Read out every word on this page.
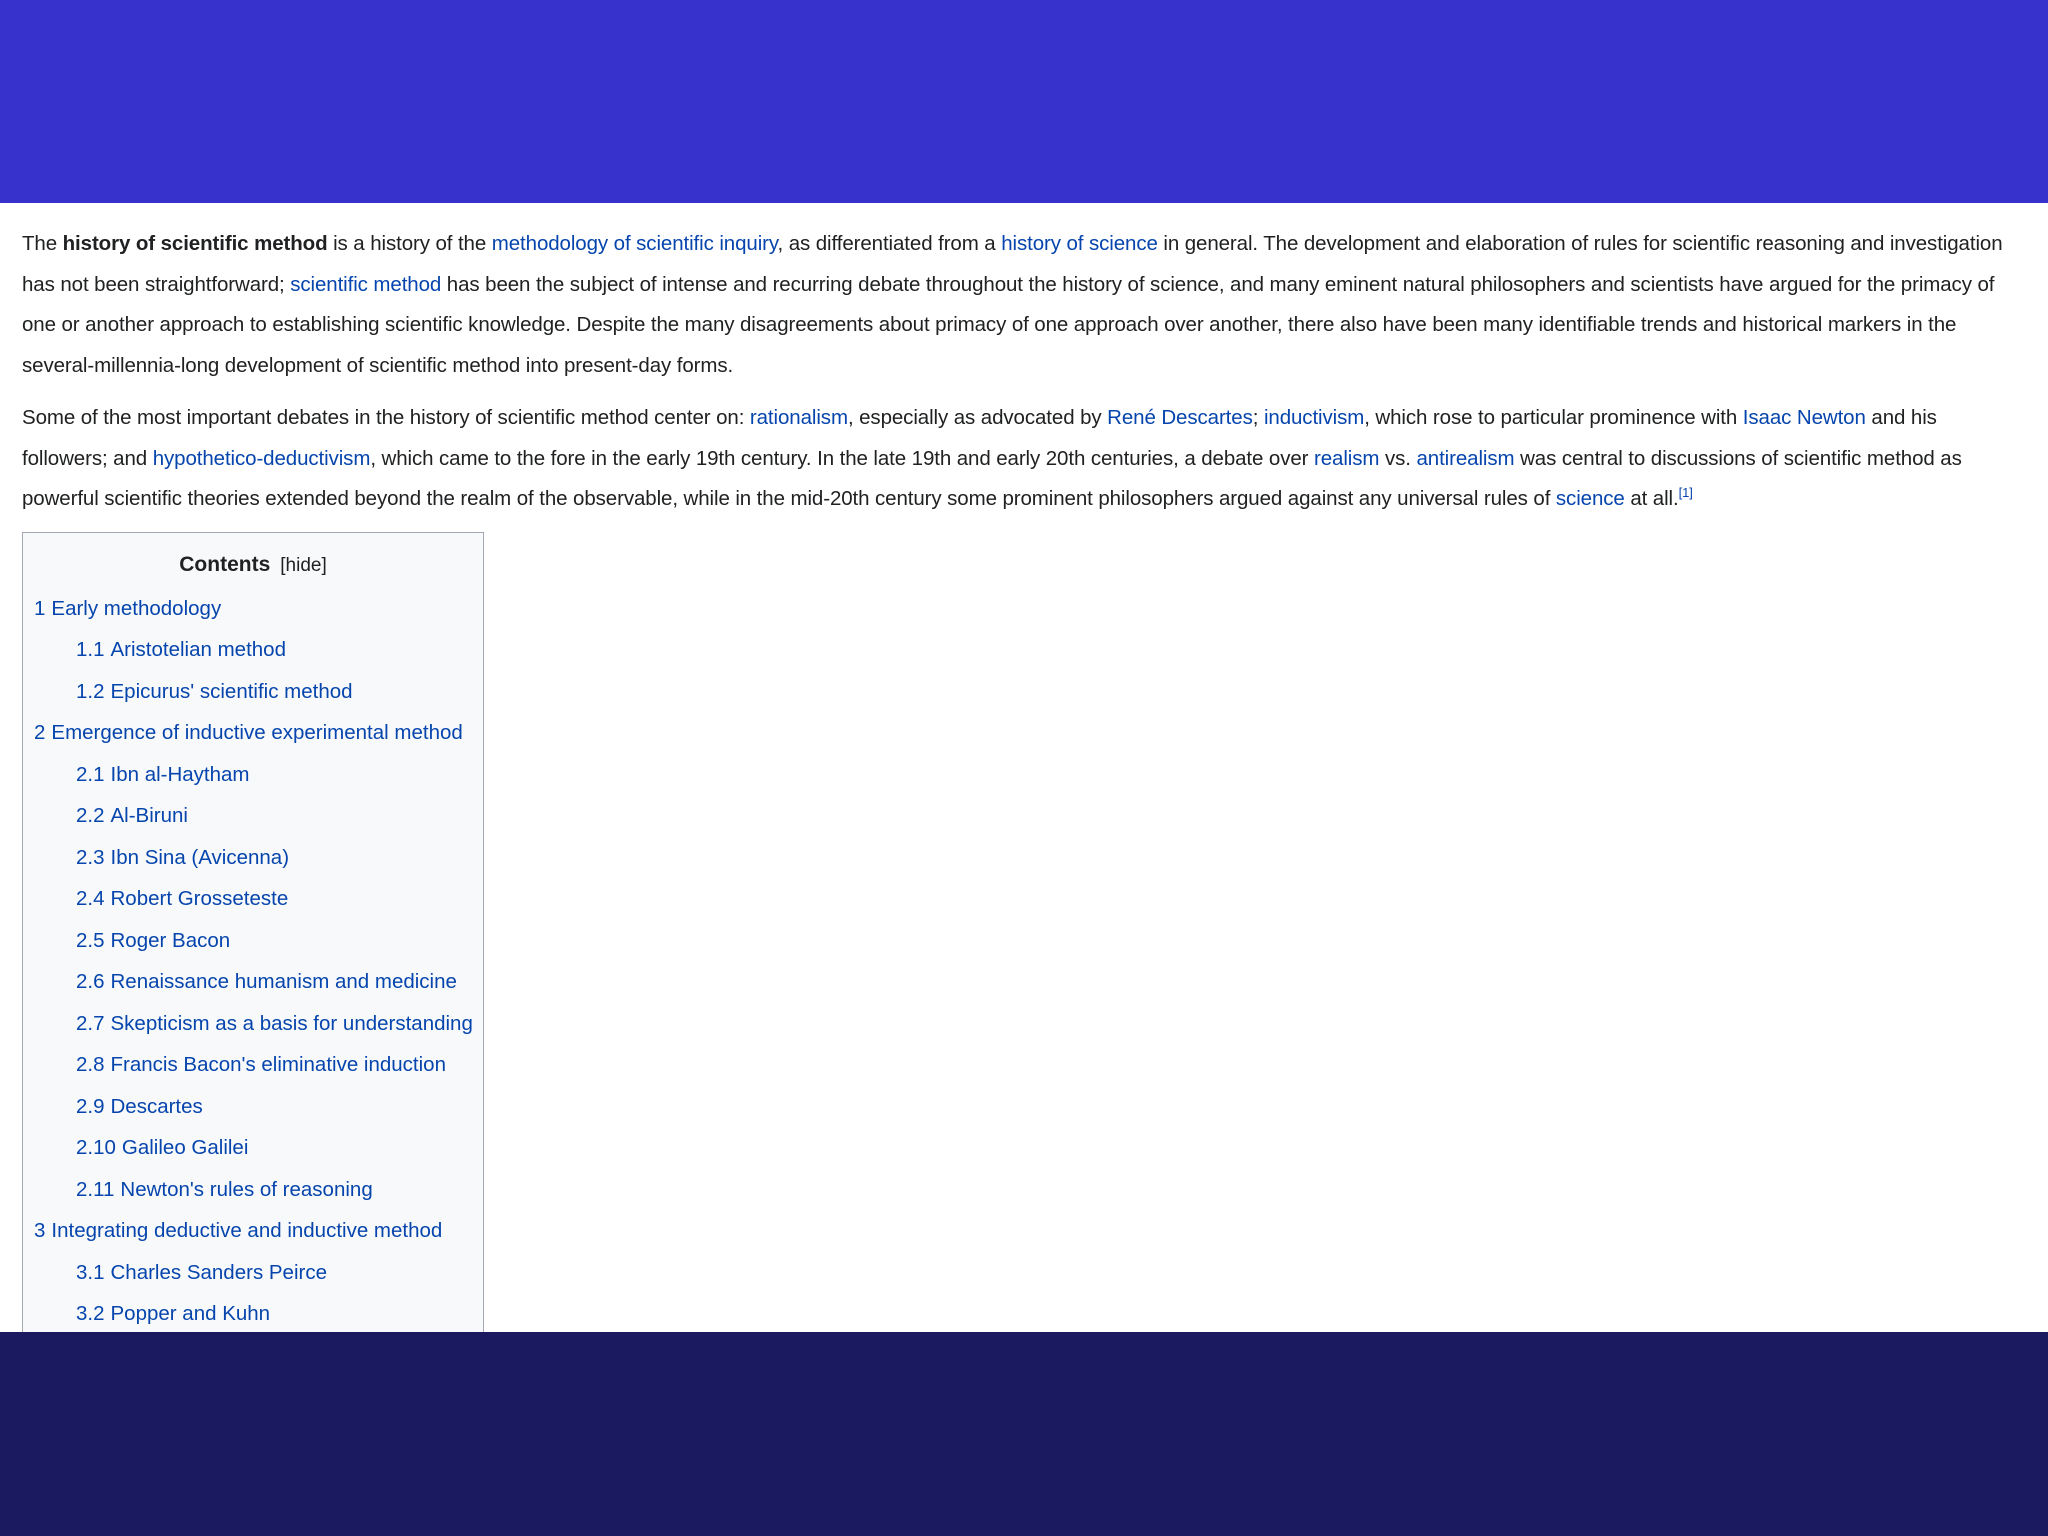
The history of scientific method is a history of the methodology of scientific inquiry, as differentiated from a history of science in general. The development and elaboration of rules for scientific reasoning and investigation has not been straightforward; scientific method has been the subject of intense and recurring debate throughout the history of science, and many eminent natural philosophers and scientists have argued for the primacy of one or another approach to establishing scientific knowledge. Despite the many disagreements about primacy of one approach over another, there also have been many identifiable trends and historical markers in the several-millennia-long development of scientific method into present-day forms.

Some of the most important debates in the history of scientific method center on: rationalism, especially as advocated by René Descartes; inductivism, which rose to particular prominence with Isaac Newton and his followers; and hypothetico-deductivism, which came to the fore in the early 19th century. In the late 19th and early 20th centuries, a debate over realism vs. antirealism was central to discussions of scientific method as powerful scientific theories extended beyond the realm of the observable, while in the mid-20th century some prominent philosophers argued against any universal rules of science at all.[1]

Contents [hide]
1 Early methodology
1.1 Aristotelian method
1.2 Epicurus' scientific method
2 Emergence of inductive experimental method
2.1 Ibn al-Haytham
2.2 Al-Biruni
2.3 Ibn Sina (Avicenna)
2.4 Robert Grosseteste
2.5 Roger Bacon
2.6 Renaissance humanism and medicine
2.7 Skepticism as a basis for understanding
2.8 Francis Bacon's eliminative induction
2.9 Descartes
2.10 Galileo Galilei
2.11 Newton's rules of reasoning
3 Integrating deductive and inductive method
3.1 Charles Sanders Peirce
3.2 Popper and Kuhn
